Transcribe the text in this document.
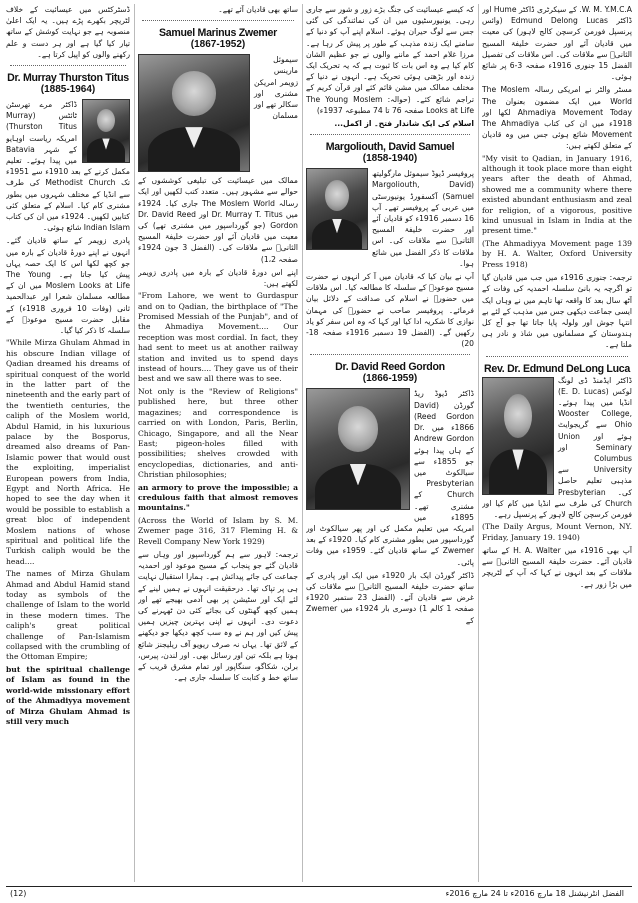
ڈسٹرکٹس میں عیسائیت کے خلاف لٹریچر بکھرے پڑے ہیں۔ یہ ایک اعلیٰ منصوبہ ہے جو نہایت کوشش کے ساتھ تیار کیا گیا ہے اور ہر دست و علم رکھنے والوں کو اپیل کرتا ہے۔

Dr. Murray Thurston Titus
(1885-1964)

ڈاکٹر مرے تھرسٹن ٹائٹس (Murray Thurston Titus) امریکہ ریاست اوہایو کے شہر Batavia میں پیدا ہوئے۔ تعلیم مکمل کرنے کے بعد 1910ء سے 1951ء تک Methodist Church کی طرف سے انڈیا کے مختلف شہروں میں بطور مشنری کام کیا۔ اسلام کے متعلق کئی کتابیں لکھیں۔ 1924ء میں ان کی کتاب Indian Islam شائع ہوئی۔

پادری زویمر کے ساتھ قادیان گئے۔ انہوں نے اپنے دورۂ قادیان کے بارہ میں جو کچھ لکھا اس کا ایک حصہ یہاں پیش کیا جاتا ہے۔ The Young Moslem Looks at Life میں ان کے مطالعہ مسلمان شعرا اور عبدالحمید ثانی (وفات 10 فروری 1918ء) کے مقابل حضرت مسیح موعودؑ کے سلسلہ کا ذکر کیا گیا۔

"While Mirza Ghulam Ahmad in his obscure Indian village of Qadian dreamed his dreams of spiritual conquest of the world in the latter part of the nineteenth and the early part of the twentieth centuries, the caliph of the Moslem world, Abdul Hamid, in his luxurious palace by the Bosporus, dreamed also dreams of Pan-Islamic power that would oust the exploiting, imperialist European powers from India, Egypt and North Africa. He hoped to see the day when it would be possible to establish a great bloc of independent Moslem nations of whose spiritual and political life the Turkish caliph would be the head....

The names of Mirza Ghulam Ahmad and Abdul Hamid stand today as symbols of the challenge of Islam to the world in these modern times. The caliph's great political challenge of Pan-Islamism collapsed with the crumbling of the Ottoman Empire;

but the spiritual challenge of Islam as found in the world-wide missionary effort of the Ahmadiyya movement of Mirza Ghulam Ahmad is still very much

ساتھ بھی قادیان آئے تھے۔

Samuel Marinus Zwemer
(1867-1952)

سیموئل مارینس زویمر امریکن مشنری اور سکالر تھے اور مسلمان

ممالک میں عیسائیت کی تبلیغی کوششوں کے حوالے سے مشہور ہیں۔ متعدد کتب لکھیں اور ایک رسالہ The Moslem World جاری کیا۔ 1924ء میں Dr. Murray T. Titus اور Dr. David Reed Gordon (جو گورداسپور میں مشنری تھے) کی معیت میں قادیان آئے اور حضرت خلیفۃ المسیح الثانیؓ سے ملاقات کی۔ (الفضل 3 جون 1924ء صفحہ 1،2)

اپنے اس دورۂ قادیان کے بارہ میں پادری زویمر لکھتے ہیں:

"From Lahore, we went to Gurdaspur and on to Qadian, the birthplace of "The Promised Messiah of the Punjab", and of the Ahmadiya Movement.... Our reception was most cordial. In fact, they had sent to meet us at another railway station and invited us to spend days instead of hours.... They gave us of their best and we saw all there was to see.

Not only is the "Review of Religions" published here, but three other magazines; and correspondence is carried on with London, Paris, Berlin, Chicago, Singapore, and all the Near East; pigeon-holes filled with possibilities; shelves crowded with encyclopedias, dictionaries, and anti-Christian philosophies;

an armory to prove the impossible; a credulous faith that almost removes mountains."

(Across the World of Islam by S. M. Zwemer page 316, 317 Fleming H. & Revell Company New York 1929)

ترجمہ: لاہور سے ہم گورداسپور اور وہاں سے قادیان گئے جو پنجاب کے مسیح موعود اور احمدیہ جماعت کی جائے پیدائش ہے۔ ہمارا استقبال نہایت ہی پر تپاک تھا۔ درحقیقت انہوں نے ہمیں لینے کے لئے ایک اور سٹیشن پر بھی آدمی بھیجے تھے اور ہمیں کچھ گھنٹوں کی بجائے کئی دن ٹھہرنے کی دعوت دی۔ انہوں نے اپنی بہترین چیزیں ہمیں پیش کیں اور ہم نے وہ سب کچھ دیکھا جو دیکھنے کے لائق تھا۔ یہاں نہ صرف ریویو آف ریلیجنز شائع ہوتا ہے بلکہ تین اور رسائل بھی۔ اور لندن، پیرس، برلن، شکاگو، سنگاپور اور تمام مشرق قریب کے ساتھ خط و کتابت کا سلسلہ جاری ہے۔

کہ کیسے عیسائیت کی جنگ بڑے زور و شور سے جاری رہی۔ یونیورسٹیوں میں ان کی نمائندگی کی گئی جس سے لوگ حیران ہوئے۔ اسلام اپنے آپ کو دنیا کے سامنے ایک زندہ مذہب کے طور پر پیش کر رہا ہے۔ مرزا غلام احمد کے ماننے والوں نے جو عظیم الشان کام کیا ہے وہ اس بات کا ثبوت ہے کہ یہ تحریک ایک زندہ اور بڑھتی ہوئی تحریک ہے۔ انہوں نے دنیا کے مختلف ممالک میں مشن قائم کئے اور قرآن کریم کے تراجم شائع کئے۔ (حوالہ: The Young Moslem Looks at Life صفحہ 76 تا 74 مطبوعہ 1937ء)

اسلام کی ایک شاندار فتح۔ از اکمل...

Margoliouth, David Samuel
(1858-1940)

پروفیسر ڈیوڈ سیموئل مارگولیتھ (Margoliouth, David Samuel) آکسفورڈ یونیورسٹی میں عربی کے پروفیسر تھے۔ آپ 16 دسمبر 1916ء کو قادیان آئے اور حضرت خلیفۃ المسیح الثانیؓ سے ملاقات کی۔ اس ملاقات کا ذکر الفضل میں شائع ہوا۔

آپ نے بیان کیا کہ قادیان میں آ کر انہوں نے حضرت مسیح موعودؑ کے سلسلہ کا مطالعہ کیا۔ اس ملاقات میں حضورؓ نے اسلام کی صداقت کے دلائل بیان فرمائے۔ پروفیسر صاحب نے حضورؓ کی مہمان نوازی کا شکریہ ادا کیا اور کہا کہ وہ اس سفر کو یاد رکھیں گے۔ (الفضل 19 دسمبر 1916ء صفحہ 18-20)

Dr. David Reed Gordon
(1866-1959)

ڈاکٹر ڈیوڈ ریڈ گورڈن (David Reed Gordon) 1866ء میں Dr. Andrew Gordon کے ہاں پیدا ہوئے جو 1855ء سے سیالکوٹ میں Presbyterian Church کے مشنری تھے۔ 1895ء میں امریکہ میں تعلیم مکمل کی اور پھر سیالکوٹ اور گورداسپور میں بطور مشنری کام کیا۔ 1920ء کے بعد Zwemer کے ساتھ قادیان گئے۔ 1959ء میں وفات پائی۔

ڈاکٹر گورڈن ایک بار 1920ء میں ایک اور پادری کے ساتھ حضرت خلیفۃ المسیح الثانیؓ سے ملاقات کی غرض سے قادیان آئے۔ (الفضل 23 ستمبر 1920ء صفحہ 1 کالم 1) دوسری بار 1924ء میں Zwemer کے

W. M. Y.M.C.A. کے سیکرٹری ڈاکٹر Hume اور ڈاکٹر Edmund Delong Lucas (وائس پرنسپل فورمن کرسچن کالج لاہور) کی معیت میں قادیان آئے اور حضرت خلیفۃ المسیح الثانیؓ سے ملاقات کی۔ اس ملاقات کی تفصیل الفضل 15 جنوری 1916ء صفحہ 3-6 پر شائع ہوئی۔

مسٹر والٹر نے امریکی رسالہ The Moslem World میں ایک مضمون بعنوان The Ahmadiya Movement Today لکھا اور 1918ء میں ان کی کتاب The Ahmadiya Movement شائع ہوئی جس میں وہ قادیان کے متعلق لکھتے ہیں:

"My visit to Qadian, in January 1916, although it took place more than eight years after the death of Ahmad, showed me a community where there existed abundant enthusiasm and zeal for religion, of a vigorous, positive kind unusual in Islam in India at the present time."

(The Ahmadiyya Movement page 139 by H. A. Walter, Oxford University Press 1918)

ترجمہ: جنوری 1916ء میں جب میں قادیان گیا تو اگرچہ یہ بانیٔ سلسلہ احمدیہ کی وفات کے آٹھ سال بعد کا واقعہ تھا تاہم میں نے وہاں ایک ایسی جماعت دیکھی جس میں مذہب کے لئے بے انتہا جوش اور ولولہ پایا جاتا تھا جو آج کل ہندوستان کے مسلمانوں میں شاذ و نادر ہی ملتا ہے۔

Rev. Dr. Edmund DeLong Luca

ڈاکٹر ایڈمنڈ ڈی لونگ لوکس (E. D. Lucas) انڈیا میں پیدا ہوئے۔ Wooster College, Ohio سے گریجوایٹ ہوئے اور Union Seminary اور Columbus University سے مذہبی تعلیم حاصل کی۔ Presbyterian Church کی طرف سے انڈیا میں کام کیا اور فورمن کرسچن کالج لاہور کے پرنسپل رہے۔

(The Daily Argus, Mount Vernon, NY. Friday, January 19. 1940)

آپ بھی 1916ء میں H. A. Walter کے ساتھ قادیان آئے۔ حضرت خلیفۃ المسیح الثانیؓ سے ملاقات کے بعد انہوں نے کہا کہ آپ کے لٹریچر میں بڑا زور ہے۔

(12)	الفضل انٹرنیشنل 18 مارچ 2016ء تا 24 مارچ 2016ء
